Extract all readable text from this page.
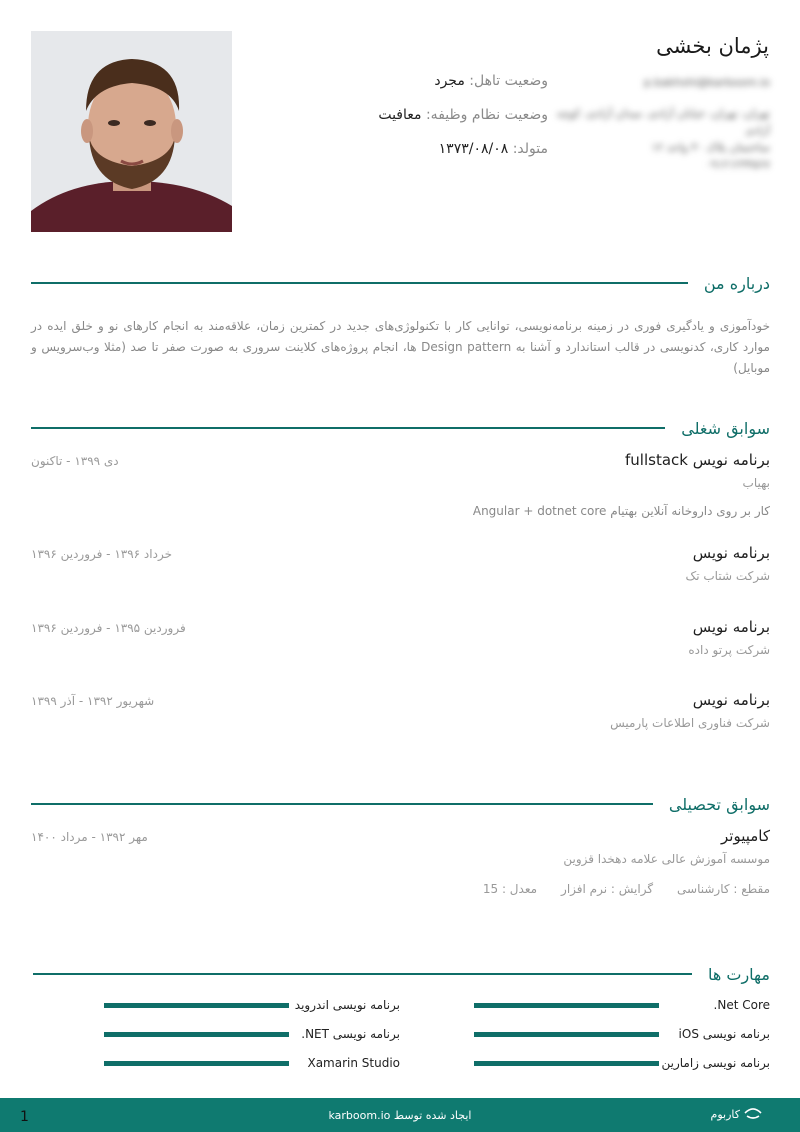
پژمان بخشی
وضعیت تاهل: مجرد
وضعیت نظام وظیفه: معافیت
متولد: ۱۳۷۳/۰۸/۰۸
p.bakhshi@karboom.io
تهران، تهران، خیابان آزادی، میدان آزادی، کوچه آزادی
ساختمان پلاک ۳۰ واحد ۱۲
۰۹۱۲۱۲۳۴۵۶۷
درباره من
خودآموزی و یادگیری فوری در زمینه برنامه‌نویسی، توانایی کار با تکنولوژی‌های جدید در کمترین زمان، علاقه‌مند به انجام کارهای نو و خلق ایده در موارد کاری، کدنویسی در قالب استاندارد و آشنا به Design pattern ها، انجام پروژه‌های کلاینت سروری به صورت صفر تا صد (مثلا وب‌سرویس و موبایل)
سوابق شغلی
برنامه نویس fullstack
دی ۱۳۹۹ - تاکنون
بهیاب
کار بر روی داروخانه آنلاین بهتیام Angular + dotnet core
برنامه نویس
خرداد ۱۳۹۶ - فروردین ۱۳۹۶
شرکت شتاب تک
برنامه نویس
فروردین ۱۳۹۵ - فروردین ۱۳۹۶
شرکت پرتو داده
برنامه نویس
شهریور ۱۳۹۲ - آذر ۱۳۹۹
شرکت فناوری اطلاعات پارمیس
سوابق تحصیلی
کامپیوتر
مهر ۱۳۹۲ - مرداد ۱۴۰۰
موسسه آموزش عالی علامه دهخدا قزوین
مقطع : کارشناسی
گرایش : نرم افزار
معدل : 15
مهارت ها
Net Core.
برنامه نویسی iOS
برنامه نویسی زامارین
برنامه نویسی اندروید
برنامه نویسی NET.
Xamarin Studio
1	ایجاد شده توسط karboom.io	کاربوم
